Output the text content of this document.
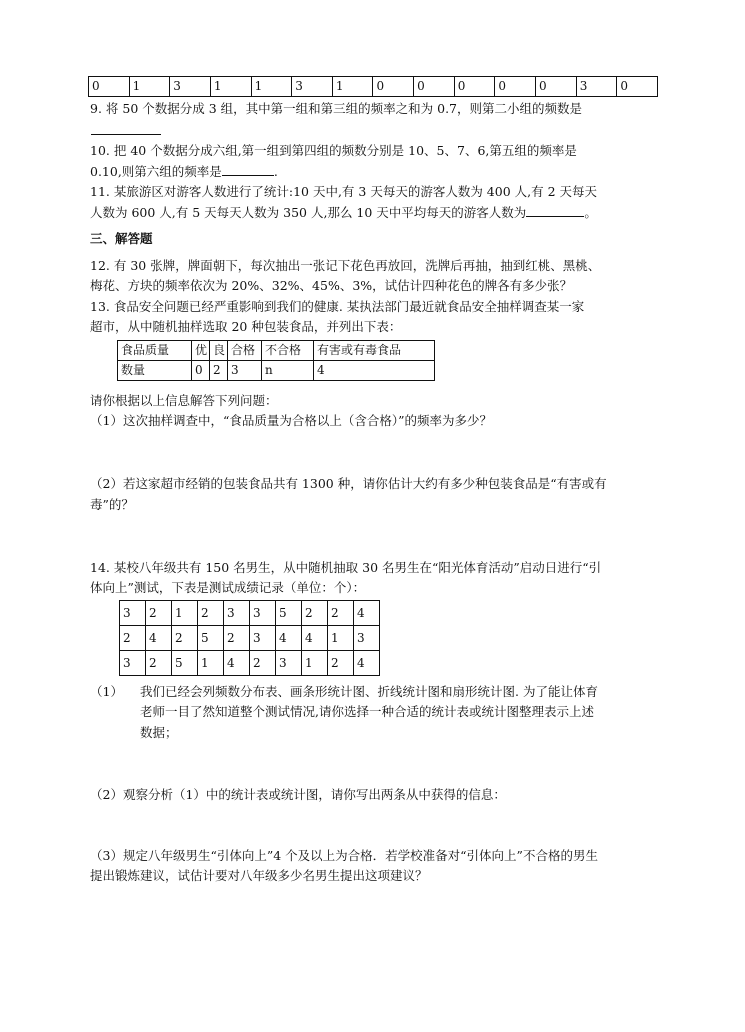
0	1	3	1	1	3	1	0	0	0	0	0	3	0
9. 将 50 个数据分成 3 组，其中第一组和第三组的频率之和为 0.7，则第二小组的频数是
10. 把 40 个数据分成六组,第一组到第四组的频数分别是 10、5、7、6,第五组的频率是
0.10,则第六组的频率是	.
11. 某旅游区对游客人数进行了统计:10 天中,有 3 天每天的游客人数为 400 人,有 2 天每天
人数为 600 人,有 5 天每天人数为 350 人,那么 10 天中平均每天的游客人数为	。
三、解答题
12. 有 30 张牌，牌面朝下，每次抽出一张记下花色再放回，洗牌后再抽，抽到红桃、黑桃、
梅花、方块的频率依次为 20%、32%、45%、3%，试估计四种花色的牌各有多少张？
13. 食品安全问题已经严重影响到我们的健康. 某执法部门最近就食品安全抽样调查某一家
超市，从中随机抽样选取 20 种包装食品，并列出下表：
食品质量	优	良	合格	不合格	有害或有毒食品
数量	0	2	3	n	4
请你根据以上信息解答下列问题：
（1）这次抽样调查中，“食品质量为合格以上（含合格）”的频率为多少？
（2）若这家超市经销的包装食品共有 1300 种，请你估计大约有多少种包装食品是“有害或有
毒”的？
14. 某校八年级共有 150 名男生，从中随机抽取 30 名男生在“阳光体育活动”启动日进行“引
体向上”测试，下表是测试成绩记录（单位：个）：
3	2	1	2	3	3	5	2	2	4
2	4	2	5	2	3	4	4	1	3
3	2	5	1	4	2	3	1	2	4
（1） 我们已经会列频数分布表、画条形统计图、折线统计图和扇形统计图. 为了能让体育
老师一目了然知道整个测试情况,请你选择一种合适的统计表或统计图整理表示上述
数据；
（2）观察分析（1）中的统计表或统计图，请你写出两条从中获得的信息：
（3）规定八年级男生“引体向上”4 个及以上为合格．若学校准备对“引体向上”不合格的男生
提出锻炼建议，试估计要对八年级多少名男生提出这项建议？
